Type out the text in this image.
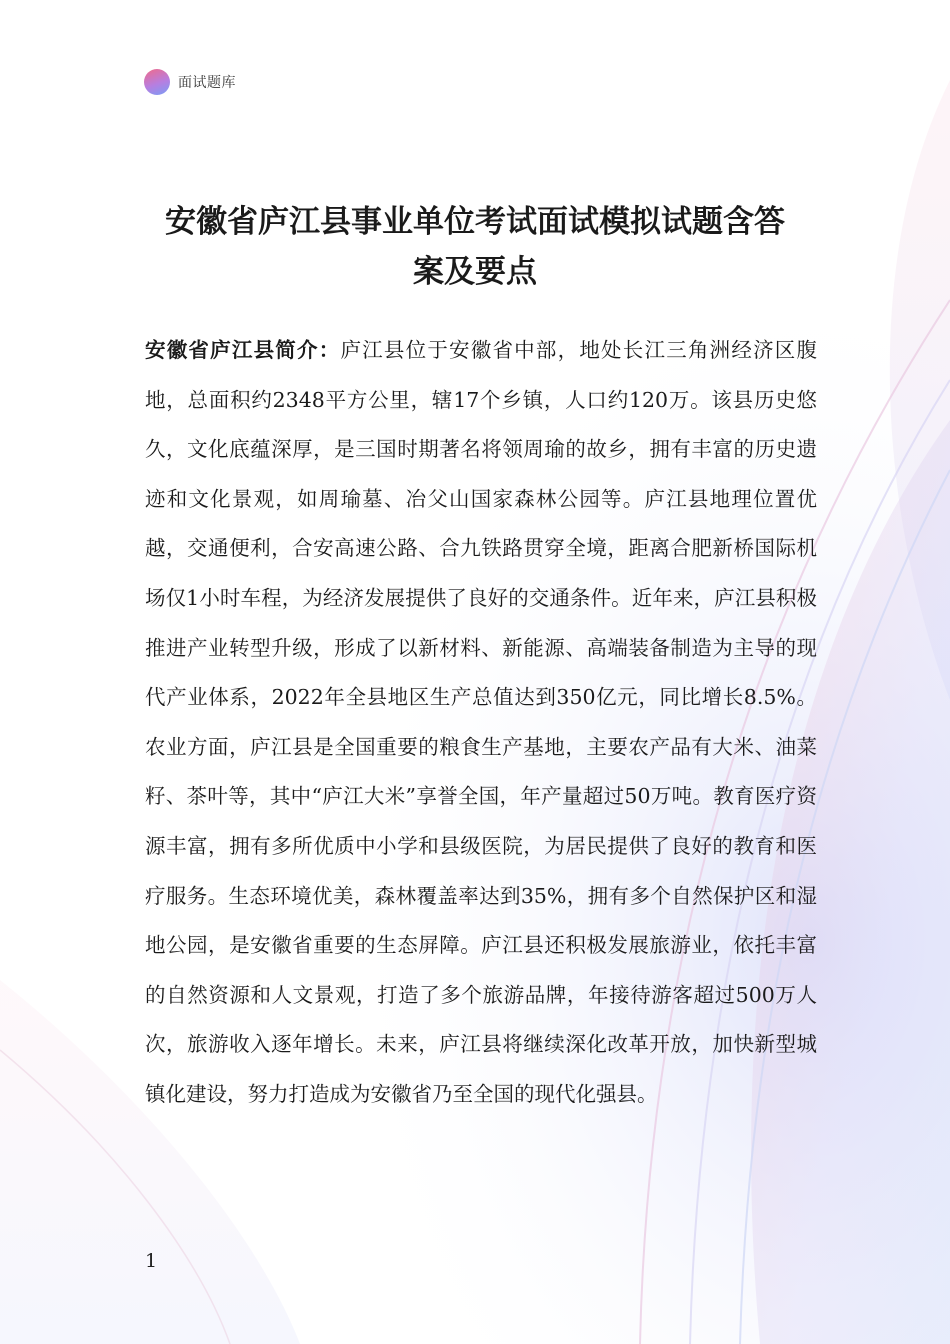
面试题库
安徽省庐江县事业单位考试面试模拟试题含答案及要点

安徽省庐江县简介：庐江县位于安徽省中部，地处长江三角洲经济区腹地，总面积约2348平方公里，辖17个乡镇，人口约120万。该县历史悠久，文化底蕴深厚，是三国时期著名将领周瑜的故乡，拥有丰富的历史遗迹和文化景观，如周瑜墓、冶父山国家森林公园等。庐江县地理位置优越，交通便利，合安高速公路、合九铁路贯穿全境，距离合肥新桥国际机场仅1小时车程，为经济发展提供了良好的交通条件。近年来，庐江县积极推进产业转型升级，形成了以新材料、新能源、高端装备制造为主导的现代产业体系，2022年全县地区生产总值达到350亿元，同比增长8.5%。农业方面，庐江县是全国重要的粮食生产基地，主要农产品有大米、油菜籽、茶叶等，其中“庐江大米”享誉全国，年产量超过50万吨。教育医疗资源丰富，拥有多所优质中小学和县级医院，为居民提供了良好的教育和医疗服务。生态环境优美，森林覆盖率达到35%，拥有多个自然保护区和湿地公园，是安徽省重要的生态屏障。庐江县还积极发展旅游业，依托丰富的自然资源和人文景观，打造了多个旅游品牌，年接待游客超过500万人次，旅游收入逐年增长。未来，庐江县将继续深化改革开放，加快新型城镇化建设，努力打造成为安徽省乃至全国的现代化强县。

1
